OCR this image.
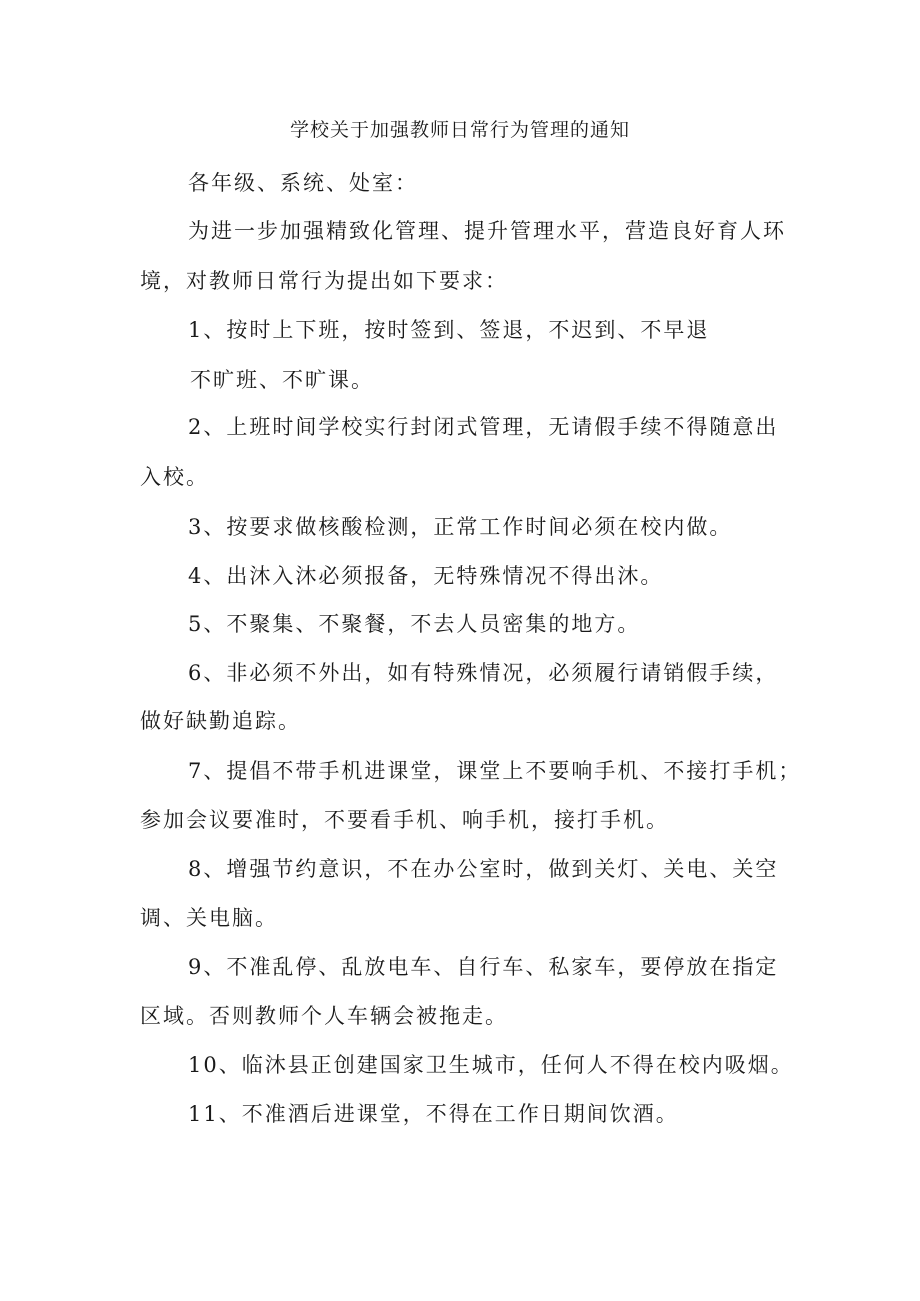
学校关于加强教师日常行为管理的通知
各年级、系统、处室：
为进一步加强精致化管理、提升管理水平，营造良好育人环
境，对教师日常行为提出如下要求：
1、按时上下班，按时签到、签退，不迟到、不早退
不旷班、不旷课。
2、上班时间学校实行封闭式管理，无请假手续不得随意出
入校。
3、按要求做核酸检测，正常工作时间必须在校内做。
4、出沐入沐必须报备，无特殊情况不得出沐。
5、不聚集、不聚餐，不去人员密集的地方。
6、非必须不外出，如有特殊情况，必须履行请销假手续，
做好缺勤追踪。
7、提倡不带手机进课堂，课堂上不要响手机、不接打手机；
参加会议要准时，不要看手机、响手机，接打手机。
8、增强节约意识，不在办公室时，做到关灯、关电、关空
调、关电脑。
9、不准乱停、乱放电车、自行车、私家车，要停放在指定
区域。否则教师个人车辆会被拖走。
10、临沐县正创建国家卫生城市，任何人不得在校内吸烟。
11、不准酒后进课堂，不得在工作日期间饮酒。
